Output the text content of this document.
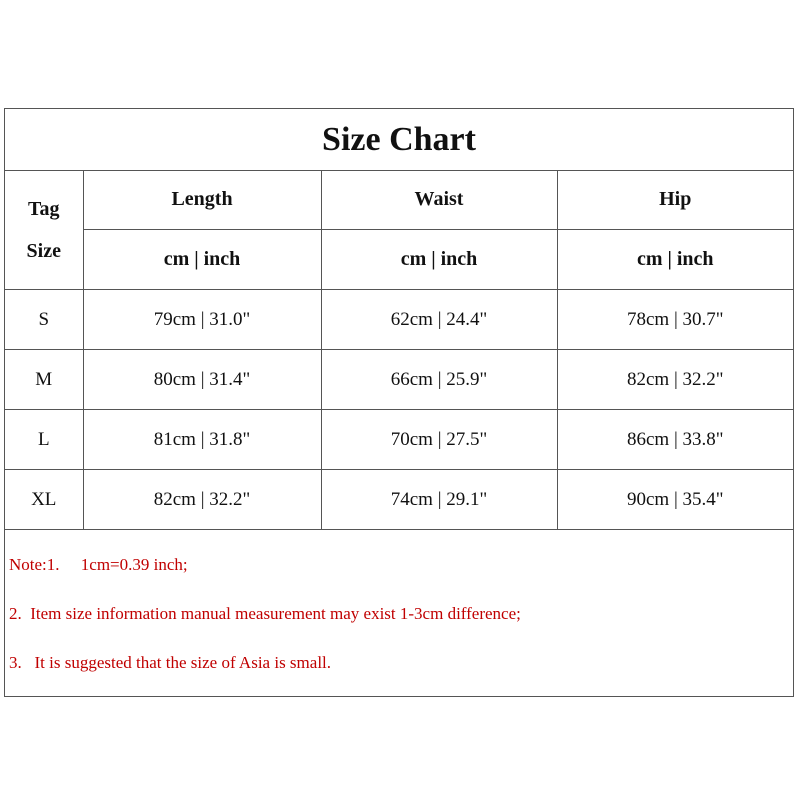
Size Chart
Tag
Size	Length	Waist	Hip
	cm | inch	cm | inch	cm | inch
S	79cm | 31.0"	62cm | 24.4"	78cm | 30.7"
M	80cm | 31.4"	66cm | 25.9"	82cm | 32.2"
L	81cm | 31.8"	70cm | 27.5"	86cm | 33.8"
XL	82cm | 32.2"	74cm | 29.1"	90cm | 35.4"
Note:1.     1cm=0.39 inch;
2.  Item size information manual measurement may exist 1-3cm difference;
3.   It is suggested that the size of Asia is small.
